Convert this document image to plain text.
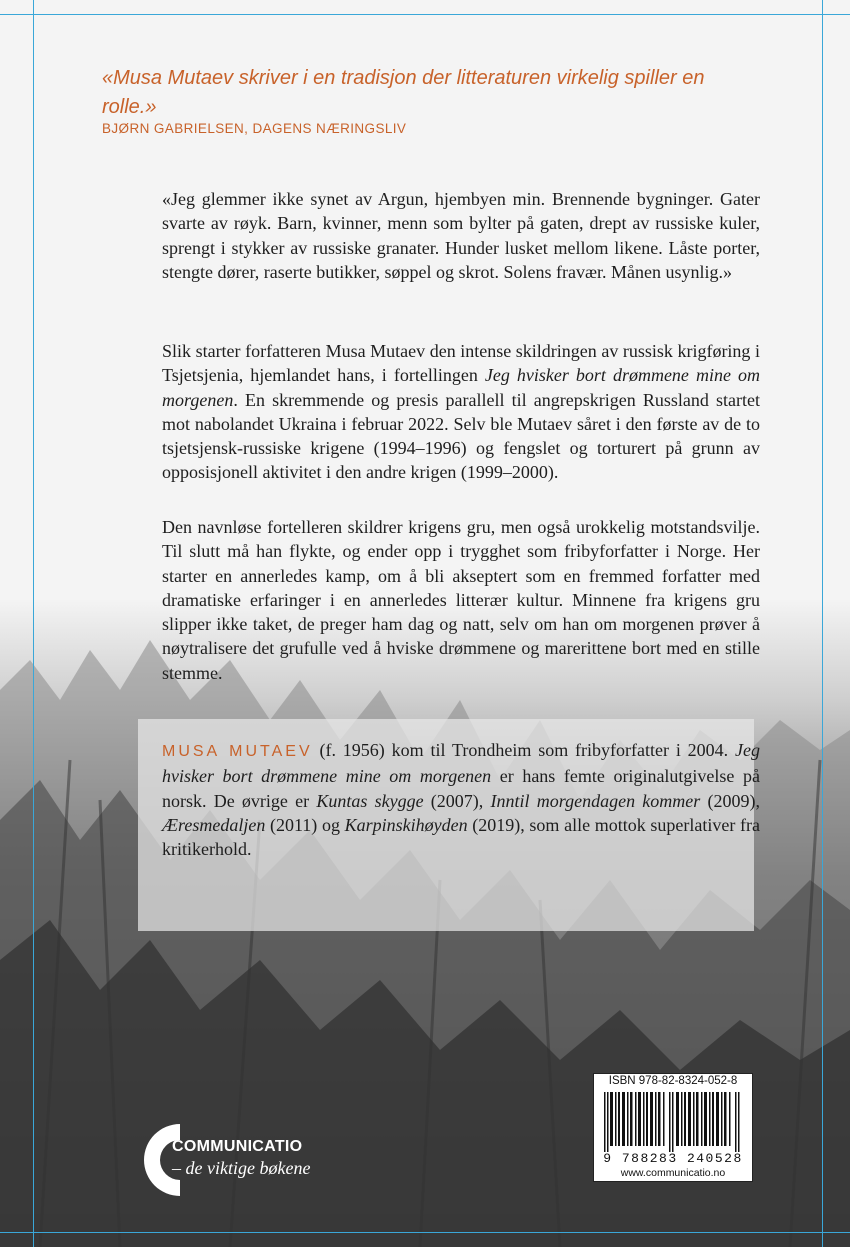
«Musa Mutaev skriver i en tradisjon der litteraturen virkelig spiller en rolle.»
BJØRN GABRIELSEN, DAGENS NÆRINGSLIV
«Jeg glemmer ikke synet av Argun, hjembyen min. Brennende bygninger. Gater svarte av røyk. Barn, kvinner, menn som bylter på gaten, drept av russiske kuler, sprengt i stykker av russiske granater. Hunder lusket mellom likene. Låste porter, stengte dører, raserte butikker, søppel og skrot. Solens fravær. Månen usynlig.»
Slik starter forfatteren Musa Mutaev den intense skildringen av russisk krigføring i Tsjetsjenia, hjemlandet hans, i fortellingen Jeg hvisker bort drømmene mine om morgenen. En skremmende og presis parallell til angrepskrigen Russland startet mot nabolandet Ukraina i februar 2022. Selv ble Mutaev såret i den første av de to tsjetsjensk-russiske krigene (1994–1996) og fengslet og torturert på grunn av opposisjonell aktivitet i den andre krigen (1999–2000).
Den navnløse fortelleren skildrer krigens gru, men også urokkelig motstandsvilje. Til slutt må han flykte, og ender opp i trygghet som fribyforfatter i Norge. Her starter en annerledes kamp, om å bli akseptert som en fremmed forfatter med dramatiske erfaringer i en annerledes litterær kultur. Minnene fra krigens gru slipper ikke taket, de preger ham dag og natt, selv om han om morgenen prøver å nøytralisere det grufulle ved å hviske drømmene og marerittene bort med en stille stemme.
MUSA MUTAEV (f. 1956) kom til Trondheim som fribyforfatter i 2004. Jeg hvisker bort drømmene mine om morgenen er hans femte originalutgivelse på norsk. De øvrige er Kuntas skygge (2007), Inntil morgendagen kommer (2009), Æresmedaljen (2011) og Karpinskihøyden (2019), som alle mottok superlativer fra kritikerhold.
ISBN 978-82-8324-052-8
9 788283 240528
www.communicatio.no
COMMUNICATIO
– de viktige bøkene
